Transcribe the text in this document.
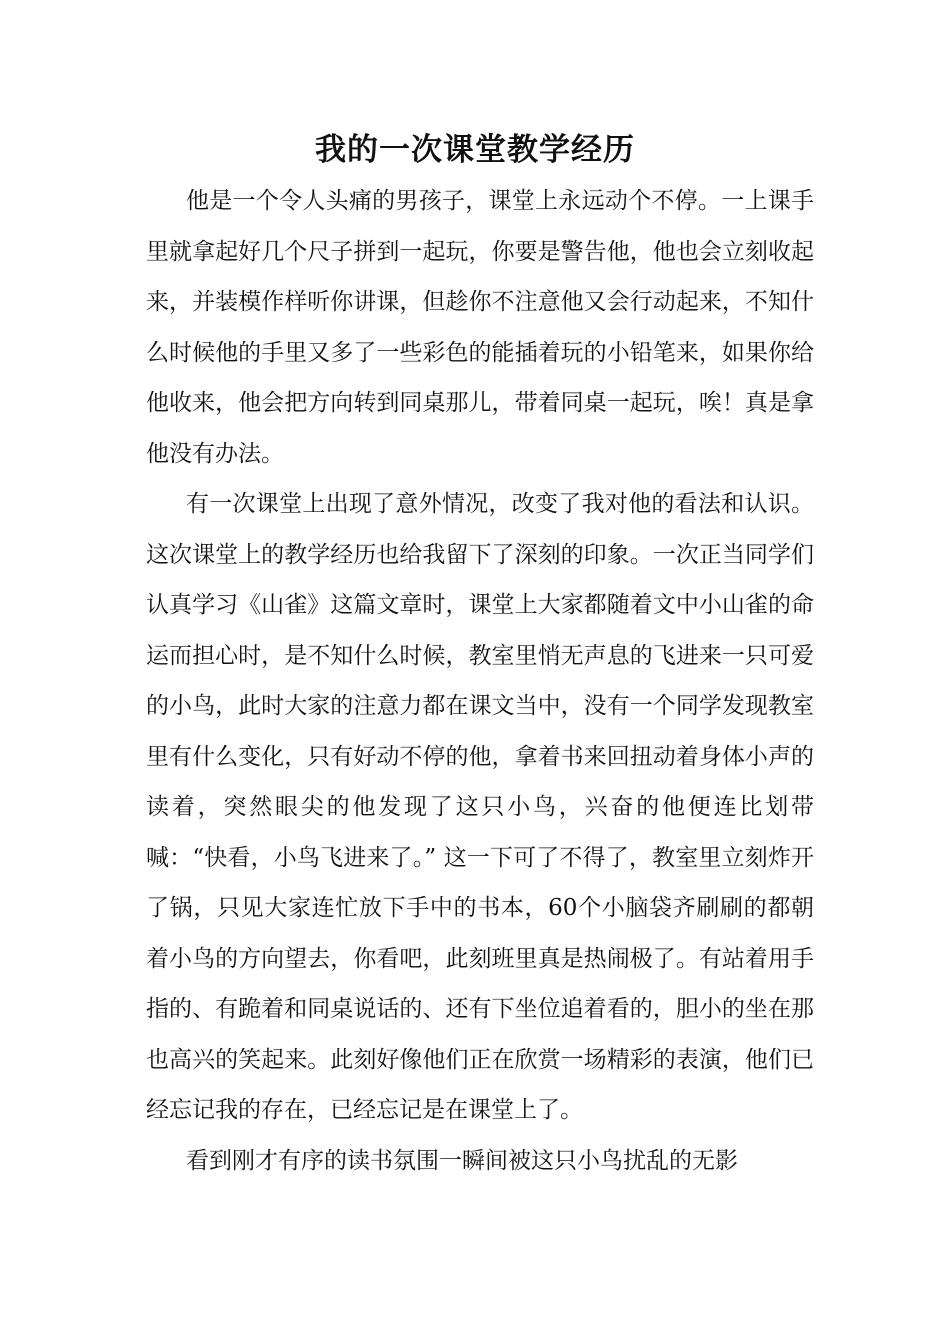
我的一次课堂教学经历

他是一个令人头痛的男孩子，课堂上永远动个不停。一上课手里就拿起好几个尺子拼到一起玩，你要是警告他，他也会立刻收起来，并装模作样听你讲课，但趁你不注意他又会行动起来，不知什么时候他的手里又多了一些彩色的能插着玩的小铅笔来，如果你给他收来，他会把方向转到同桌那儿，带着同桌一起玩，唉！真是拿他没有办法。

有一次课堂上出现了意外情况，改变了我对他的看法和认识。这次课堂上的教学经历也给我留下了深刻的印象。一次正当同学们认真学习《山雀》这篇文章时，课堂上大家都随着文中小山雀的命运而担心时，是不知什么时候，教室里悄无声息的飞进来一只可爱的小鸟，此时大家的注意力都在课文当中，没有一个同学发现教室里有什么变化，只有好动不停的他，拿着书来回扭动着身体小声的读着，突然眼尖的他发现了这只小鸟，兴奋的他便连比划带喊：“快看，小鸟飞进来了。” 这一下可了不得了，教室里立刻炸开了锅，只见大家连忙放下手中的书本，60个小脑袋齐刷刷的都朝着小鸟的方向望去，你看吧，此刻班里真是热闹极了。有站着用手指的、有跪着和同桌说话的、还有下坐位追着看的，胆小的坐在那也高兴的笑起来。此刻好像他们正在欣赏一场精彩的表演，他们已经忘记我的存在，已经忘记是在课堂上了。

看到刚才有序的读书氛围一瞬间被这只小鸟扰乱的无影
